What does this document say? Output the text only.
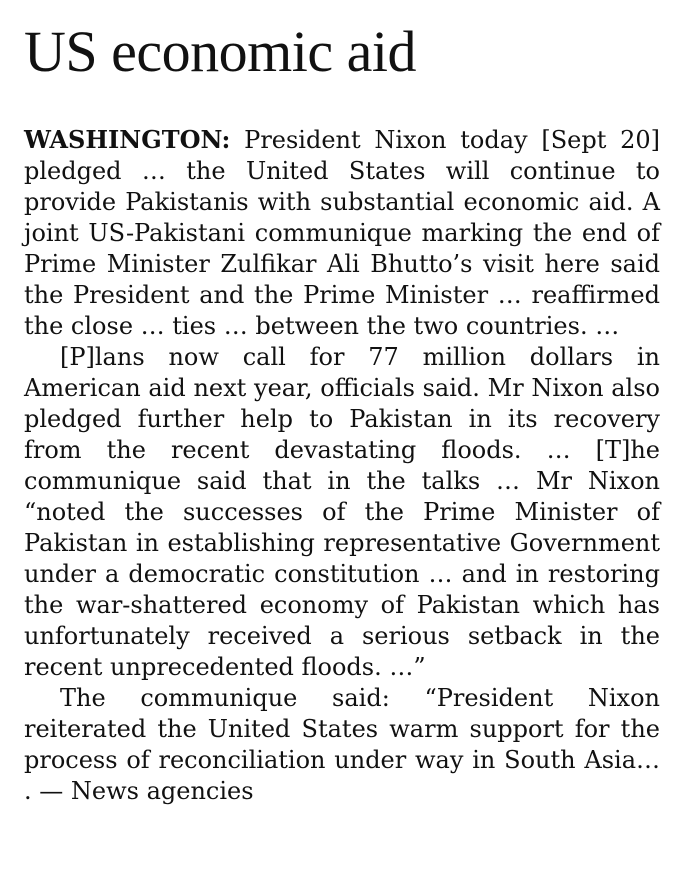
US economic aid

WASHINGTON: President Nixon today [Sept 20] pledged … the United States will continue to provide Pakistanis with substantial economic aid. A joint US-Pakistani communique marking the end of Prime Minister Zulfikar Ali Bhutto’s visit here said the President and the Prime Minister … reaffirmed the close … ties … between the two countries. …

[P]lans now call for 77 million dollars in American aid next year, officials said. Mr Nixon also pledged further help to Pakistan in its recovery from the recent devastating floods. … [T]he communique said that in the talks … Mr Nixon “noted the successes of the Prime Minister of Pakistan in establishing representative Government under a democratic constitution … and in restoring the war-shattered economy of Pakistan which has unfortunately received a serious setback in the recent unprecedented floods. …”

The communique said: “President Nixon reiterated the United States warm support for the process of reconciliation under way in South Asia… . — News agencies
